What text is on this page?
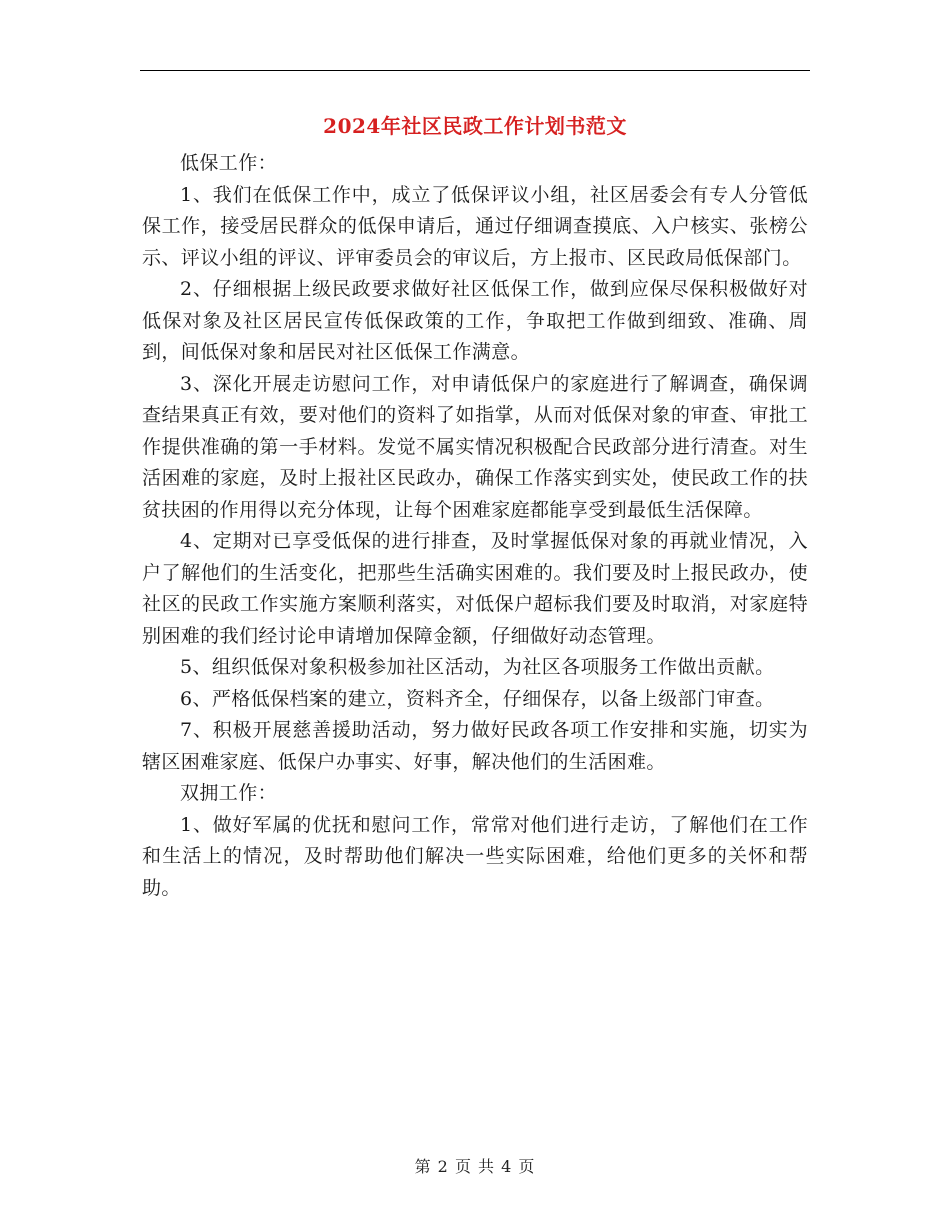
2024年社区民政工作计划书范文

低保工作：

1、我们在低保工作中，成立了低保评议小组，社区居委会有专人分管低保工作，接受居民群众的低保申请后，通过仔细调查摸底、入户核实、张榜公示、评议小组的评议、评审委员会的审议后，方上报市、区民政局低保部门。

2、仔细根据上级民政要求做好社区低保工作，做到应保尽保积极做好对低保对象及社区居民宣传低保政策的工作，争取把工作做到细致、准确、周到，间低保对象和居民对社区低保工作满意。

3、深化开展走访慰问工作，对申请低保户的家庭进行了解调查，确保调查结果真正有效，要对他们的资料了如指掌，从而对低保对象的审查、审批工作提供准确的第一手材料。发觉不属实情况积极配合民政部分进行清查。对生活困难的家庭，及时上报社区民政办，确保工作落实到实处，使民政工作的扶贫扶困的作用得以充分体现，让每个困难家庭都能享受到最低生活保障。

4、定期对已享受低保的进行排查，及时掌握低保对象的再就业情况，入户了解他们的生活变化，把那些生活确实困难的。我们要及时上报民政办，使社区的民政工作实施方案顺利落实，对低保户超标我们要及时取消，对家庭特别困难的我们经讨论申请增加保障金额，仔细做好动态管理。

5、组织低保对象积极参加社区活动，为社区各项服务工作做出贡献。

6、严格低保档案的建立，资料齐全，仔细保存，以备上级部门审查。

7、积极开展慈善援助活动，努力做好民政各项工作安排和实施，切实为辖区困难家庭、低保户办事实、好事，解决他们的生活困难。

双拥工作：

1、做好军属的优抚和慰问工作，常常对他们进行走访，了解他们在工作和生活上的情况，及时帮助他们解决一些实际困难，给他们更多的关怀和帮助。

第 2 页 共 4 页
